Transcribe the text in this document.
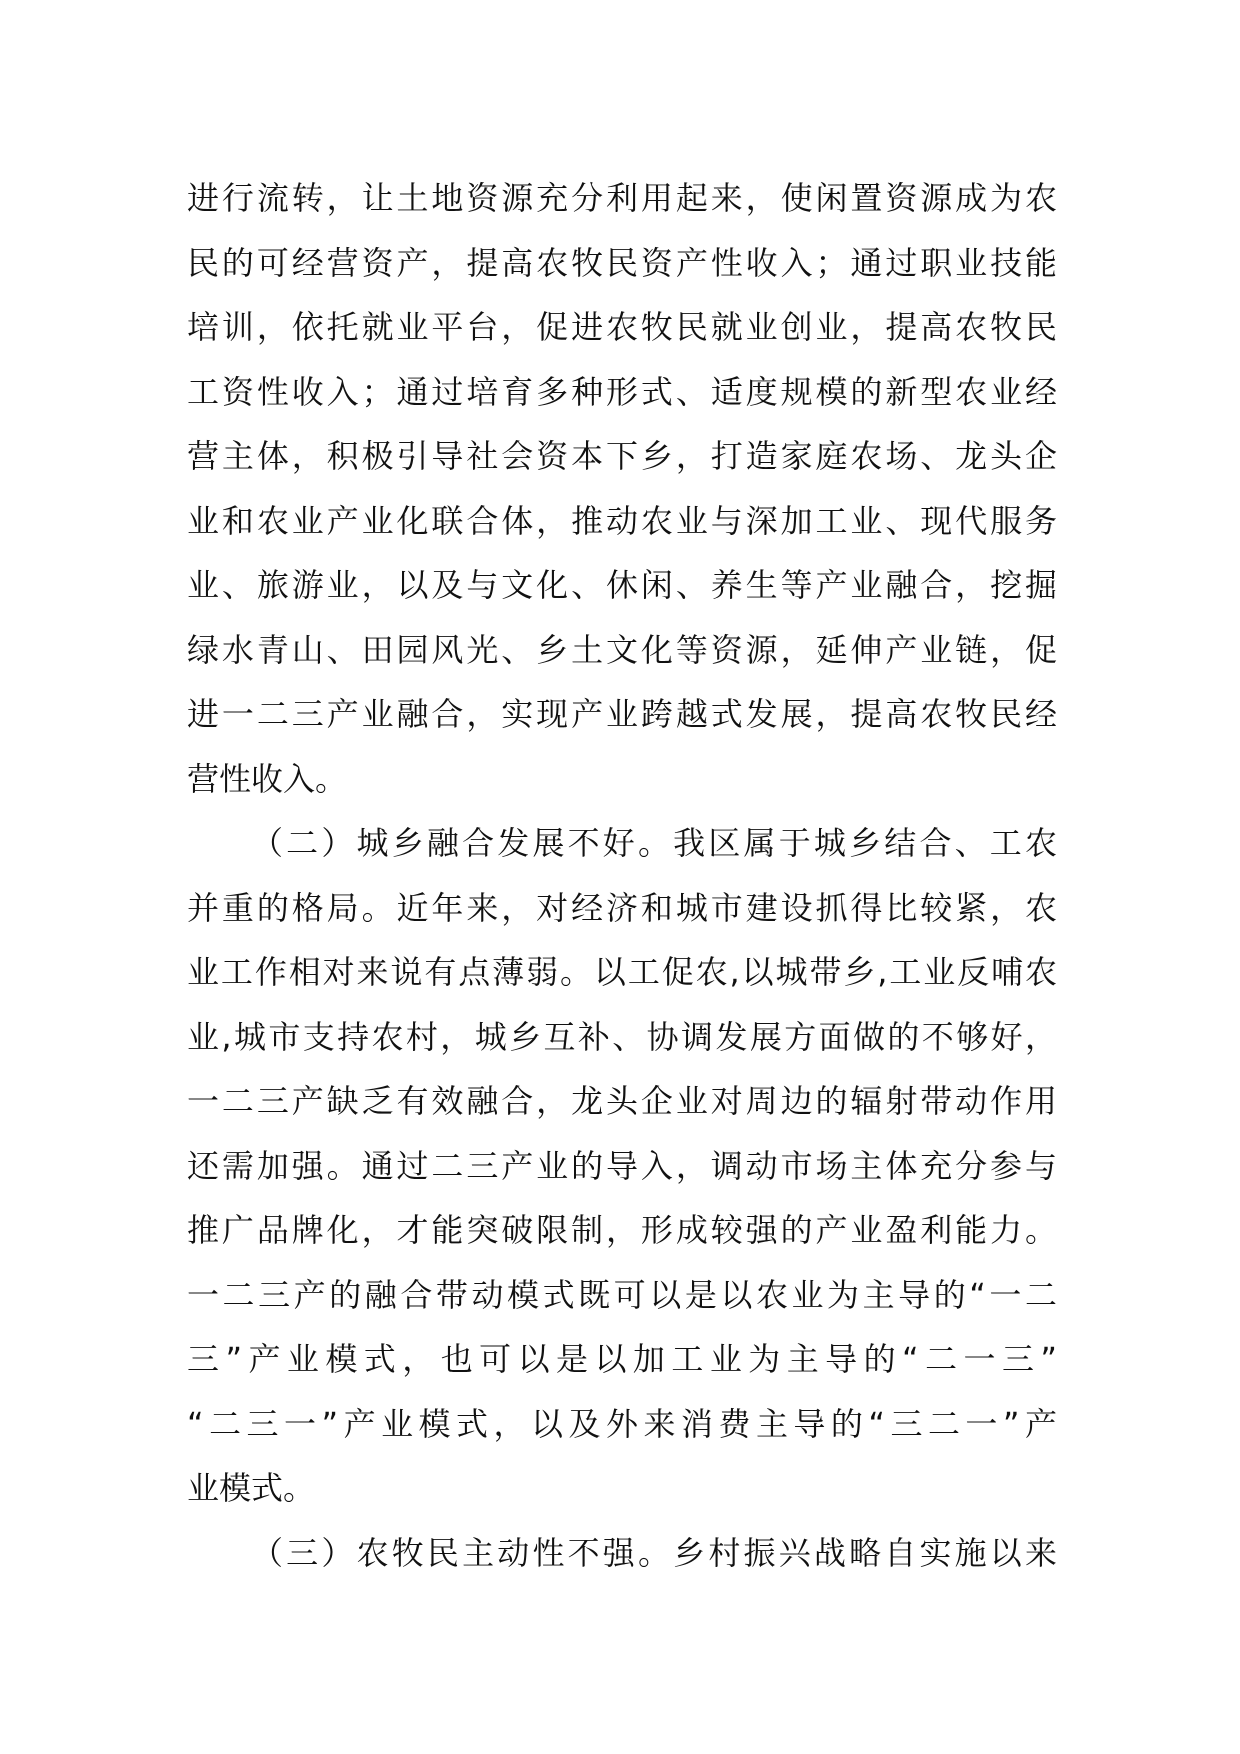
进行流转，让土地资源充分利用起来，使闲置资源成为农
民的可经营资产，提高农牧民资产性收入；通过职业技能
培训，依托就业平台，促进农牧民就业创业，提高农牧民
工资性收入；通过培育多种形式、适度规模的新型农业经
营主体，积极引导社会资本下乡，打造家庭农场、龙头企
业和农业产业化联合体，推动农业与深加工业、现代服务
业、旅游业，以及与文化、休闲、养生等产业融合，挖掘
绿水青山、田园风光、乡土文化等资源，延伸产业链，促
进一二三产业融合，实现产业跨越式发展，提高农牧民经
营性收入。
（二）城乡融合发展不好。我区属于城乡结合、工农
并重的格局。近年来，对经济和城市建设抓得比较紧，农
业工作相对来说有点薄弱。以工促农,以城带乡,工业反哺农
业,城市支持农村，城乡互补、协调发展方面做的不够好，
一二三产缺乏有效融合，龙头企业对周边的辐射带动作用
还需加强。通过二三产业的导入，调动市场主体充分参与
推广品牌化，才能突破限制，形成较强的产业盈利能力。
一二三产的融合带动模式既可以是以农业为主导的“一二
三”产业模式，也可以是以加工业为主导的“二一三”
“二三一”产业模式，以及外来消费主导的“三二一”产
业模式。
（三）农牧民主动性不强。乡村振兴战略自实施以来
